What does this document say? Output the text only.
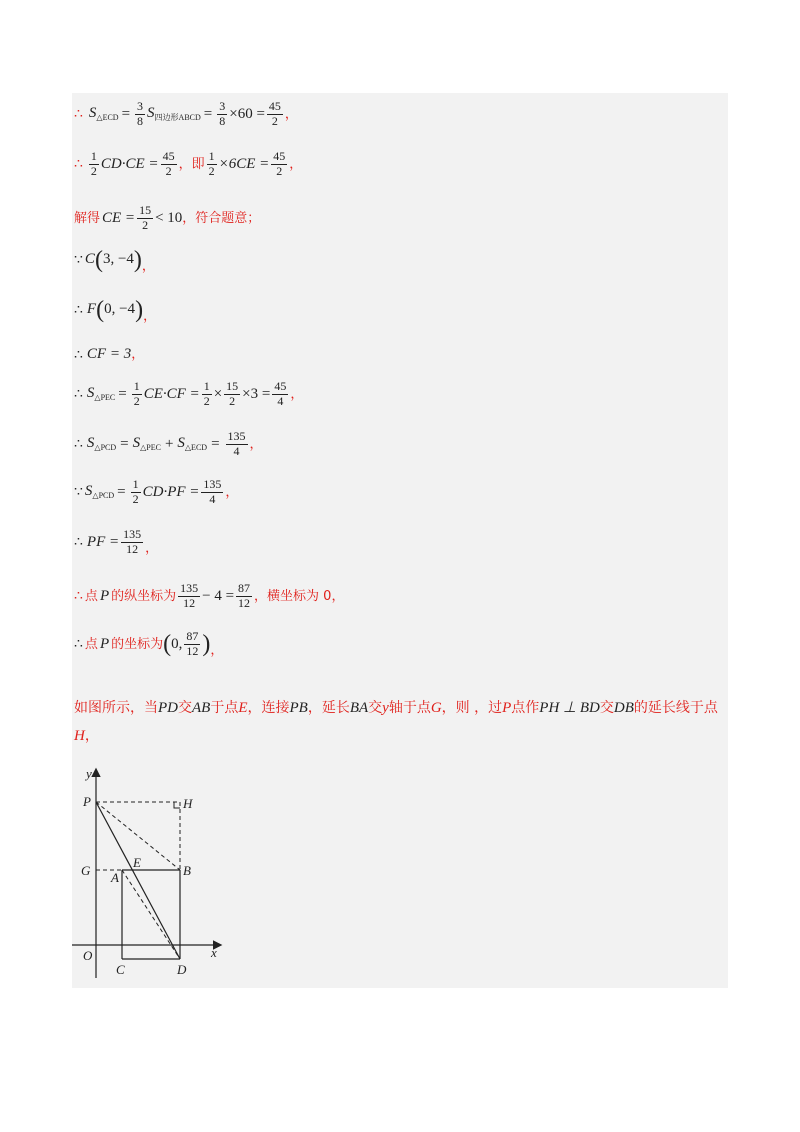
∴ $S_{\triangle ECD} = \frac{3}{8} S_{四边形ABCD} = \frac{3}{8} \times 60 = \frac{45}{2}$ ，
∴ $\frac{1}{2} CD\cdot CE = \frac{45}{2}$ ，即 $\frac{1}{2} \times 6CE = \frac{45}{2}$ ，
解得 CE = $\frac{15}{2} < 10$ ，符合题意；
∵ C ( 3, −4 ) ，
∴ F ( 0, −4 ) ，
∴ CF = 3 ，
∴ $S_{\triangle PEC} = \frac{1}{2} CE\cdot CF = \frac{1}{2} \times \frac{15}{2} \times 3 = \frac{45}{4}$ ，
∴ $S_{\triangle PCD} = S_{\triangle PEC} + S_{\triangle ECD} = \frac{135}{4}$ ，
∵ $S_{\triangle PCD} = \frac{1}{2} CD\cdot PF = \frac{135}{4}$ ，
∴ PF = $\frac{135}{12}$ ，
∴ 点 P 的纵坐标为 $\frac{135}{12} - 4 = \frac{87}{12}$ ，横坐标为 0，
∴ 点 P 的坐标为 ( 0, $\frac{87}{12}$ ) ，
如图所示，当PD交AB于点E，连接PB，延长BA交y轴于点G，则 ，过P点作PH ⊥ BD交DB的延长线于点H，
y
x
P	H
G
E
A	B
O
C	D
